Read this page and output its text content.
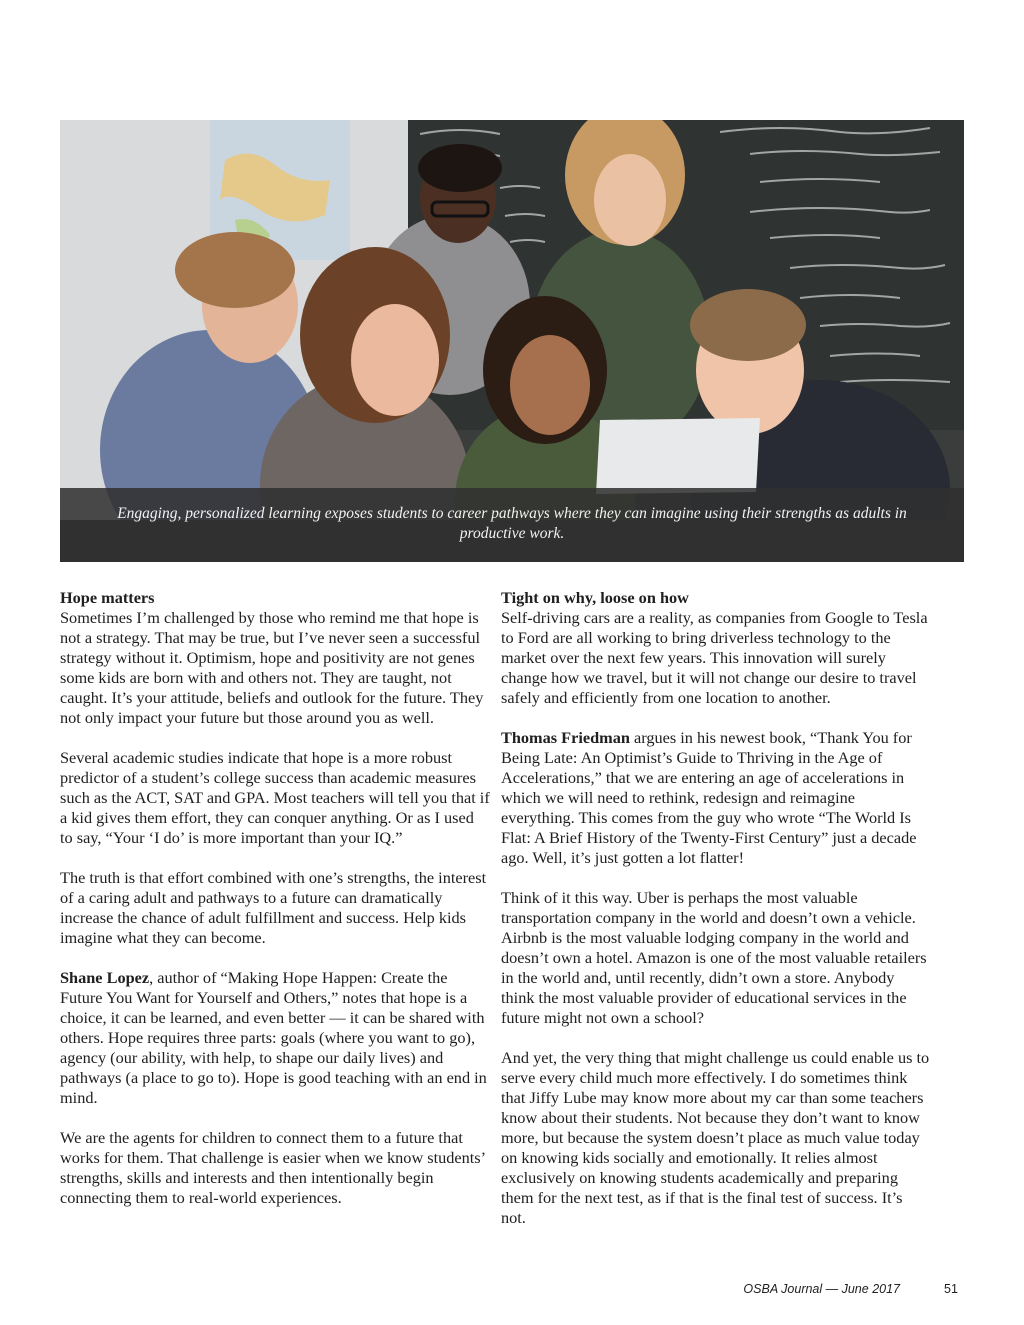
Engaging, personalized learning exposes students to career pathways where they can imagine using their strengths as adults in productive work.
Hope matters

Sometimes I’m challenged by those who remind me that hope is not a strategy. That may be true, but I’ve never seen a successful strategy without it. Optimism, hope and positivity are not genes some kids are born with and others not. They are taught, not caught. It’s your attitude, beliefs and outlook for the future. They not only impact your future but those around you as well.

Several academic studies indicate that hope is a more robust predictor of a student’s college success than academic measures such as the ACT, SAT and GPA. Most teachers will tell you that if a kid gives them effort, they can conquer anything. Or as I used to say, “Your ‘I do’ is more important than your IQ.”

The truth is that effort combined with one’s strengths, the interest of a caring adult and pathways to a future can dramatically increase the chance of adult fulfillment and success. Help kids imagine what they can become.

Shane Lopez, author of “Making Hope Happen: Create the Future You Want for Yourself and Others,” notes that hope is a choice, it can be learned, and even better — it can be shared with others. Hope requires three parts: goals (where you want to go), agency (our ability, with help, to shape our daily lives) and pathways (a place to go to). Hope is good teaching with an end in mind.

We are the agents for children to connect them to a future that works for them. That challenge is easier when we know students’ strengths, skills and interests and then intentionally begin connecting them to real-world experiences.

Tight on why, loose on how

Self-driving cars are a reality, as companies from Google to Tesla to Ford are all working to bring driverless technology to the market over the next few years. This innovation will surely change how we travel, but it will not change our desire to travel safely and efficiently from one location to another.

Thomas Friedman argues in his newest book, “Thank You for Being Late: An Optimist’s Guide to Thriving in the Age of Accelerations,” that we are entering an age of accelerations in which we will need to rethink, redesign and reimagine everything. This comes from the guy who wrote “The World Is Flat: A Brief History of the Twenty-First Century” just a decade ago. Well, it’s just gotten a lot flatter!

Think of it this way. Uber is perhaps the most valuable transportation company in the world and doesn’t own a vehicle. Airbnb is the most valuable lodging company in the world and doesn’t own a hotel. Amazon is one of the most valuable retailers in the world and, until recently, didn’t own a store. Anybody think the most valuable provider of educational services in the future might not own a school?

And yet, the very thing that might challenge us could enable us to serve every child much more effectively. I do sometimes think that Jiffy Lube may know more about my car than some teachers know about their students. Not because they don’t want to know more, but because the system doesn’t place as much value today on knowing kids socially and emotionally. It relies almost exclusively on knowing students academically and preparing them for the next test, as if that is the final test of success. It’s not.

OSBA Journal — June 2017	51
